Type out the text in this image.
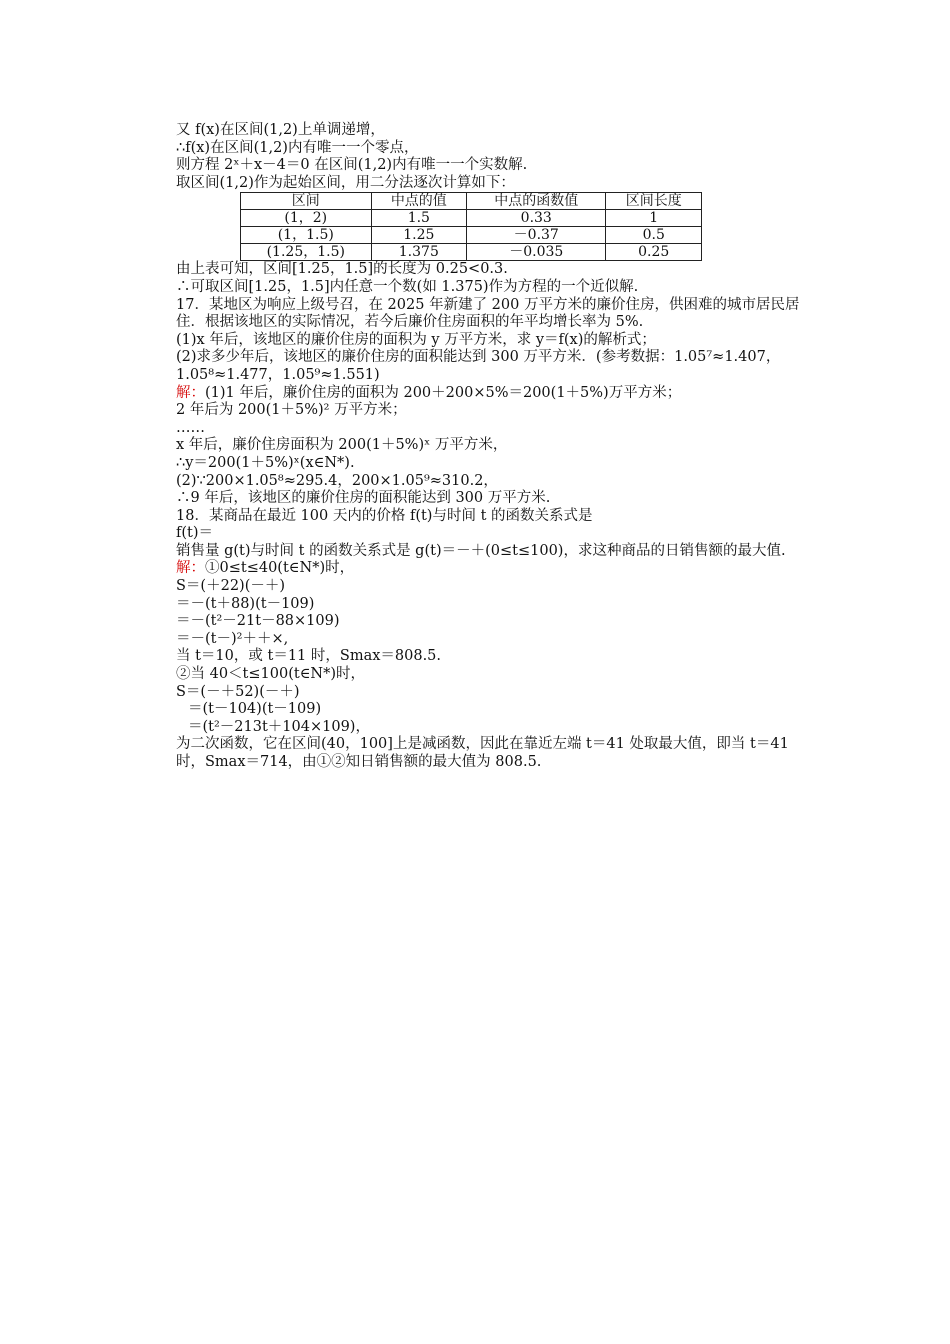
又 f(x)在区间(1,2)上单调递增，
∴f(x)在区间(1,2)内有唯一一个零点，
则方程 2ˣ＋x－4＝0 在区间(1,2)内有唯一一个实数解.
取区间(1,2)作为起始区间，用二分法逐次计算如下：
区间	中点的值	中点的函数值	区间长度
(1，2)	1.5	0.33	1
(1，1.5)	1.25	－0.37	0.5
(1.25，1.5)	1.375	－0.035	0.25
由上表可知，区间[1.25，1.5]的长度为 0.25<0.3.
∴可取区间[1.25，1.5]内任意一个数(如 1.375)作为方程的一个近似解.
17．某地区为响应上级号召，在 2025 年新建了 200 万平方米的廉价住房，供困难的城市居民居住．根据该地区的实际情况，若今后廉价住房面积的年平均增长率为 5%.
(1)x 年后，该地区的廉价住房的面积为 y 万平方米，求 y＝f(x)的解析式；
(2)求多少年后，该地区的廉价住房的面积能达到 300 万平方米．(参考数据：1.05⁷≈1.407，1.05⁸≈1.477，1.05⁹≈1.551)
解：(1)1 年后，廉价住房的面积为 200＋200×5%＝200(1＋5%)万平方米；
2 年后为 200(1＋5%)² 万平方米；
……
x 年后，廉价住房面积为 200(1＋5%)ˣ 万平方米，
∴y＝200(1＋5%)ˣ(x∈N*).
(2)∵200×1.05⁸≈295.4，200×1.05⁹≈310.2，
∴9 年后，该地区的廉价住房的面积能达到 300 万平方米.
18．某商品在最近 100 天内的价格 f(t)与时间 t 的函数关系式是
f(t)＝
销售量 g(t)与时间 t 的函数关系式是 g(t)＝－＋(0≤t≤100)，求这种商品的日销售额的最大值.
解：①0≤t≤40(t∈N*)时，
S＝(＋22)(－＋)
＝－(t＋88)(t－109)
＝－(t²－21t－88×109)
＝－(t－)²＋＋×,
当 t＝10，或 t＝11 时，Smax＝808.5.
②当 40＜t≤100(t∈N*)时，
S＝(－＋52)(－＋)
＝(t－104)(t－109)
＝(t²－213t＋104×109)，
为二次函数，它在区间(40，100]上是减函数，因此在靠近左端 t＝41 处取最大值，即当 t＝41 时，Smax＝714，由①②知日销售额的最大值为 808.5.
